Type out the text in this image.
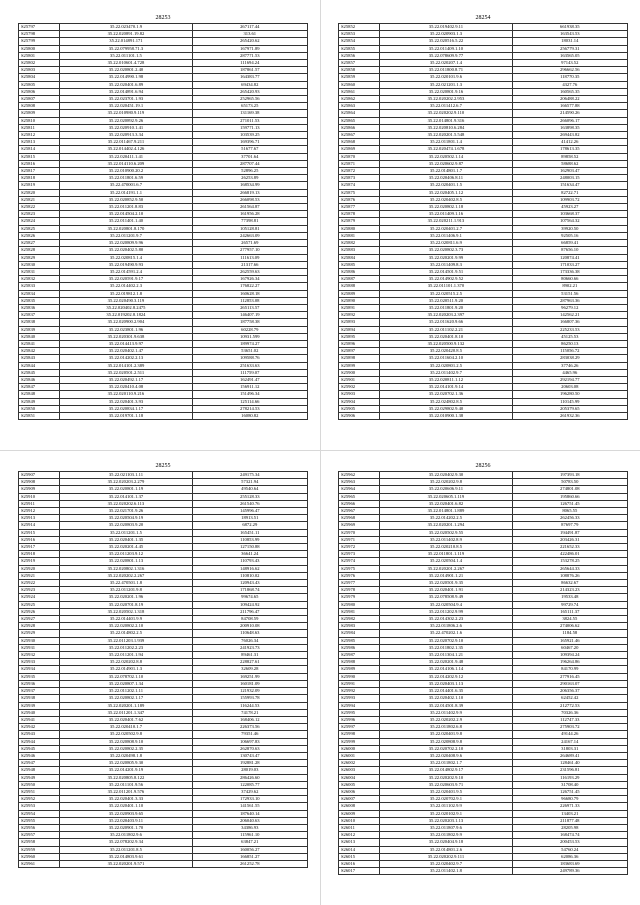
28253
S25797	35.22.023470.1.9	267117.44
S25798	35.22.020891.19.82	313.61
S25799	35.22.014891.171	265420.62
S25800	35.22.079958.71.3	167971.89
S25801	35.22.011101.1.5	287771.53
S25802	35.22.010601.4.728	111694.24
S25803	35.22.020801.2.40	187861.57
S25804	35.22.014990.1.98	164383.77
S25805	35.22.020401.6.89	69434.82
S25806	35.22.014891.6.94	265420.93
S25807	35.22.023701.1.93	252965.56
S25808	35.22.020451.19.1	65173.25
S25809	35.22.010980.9.119	131169.38
S25810	35.22.020892.9.26	271011.53
S25811	35.22.020910.1.41	159771.13
S25812	35.22.020913.3.34	103539.25
S25813	35.22.011467.9.211	169396.71
S25814	35.22.014402.4.126	51677.67
S25815	35.22.020411.1.41	37701.64
S25816	35.22.014110.6.209	287707.44
S25817	35.22.010900.20.2	52896.25
S25818	35.22.011801.6.59	26253.89
S25819	35.22.470001.6.7	168534.99
S25820	35.22.014191.1.1	266819.13
S25821	35.22.020852.9.50	266098.53
S25822	35.22.011201.8.83	261564.87
S25823	35.22.014504.2.10	161956.28
S25824	35.22.011401.1.40	77398.81
S25825	35.22.020801.8.170	105128.81
S25826	35.22.011201.9.7	242663.09
S25827	35.22.020809.9.96	26571.69
S25828	35.22.020402.5.80	277957.10
S25829	35.22.020815.1.4	111613.09
S25830	35.22.019490.9.93	21317.66
S25831	35.22.014591.2.4	262559.63
S25832	35.22.020591.9.17	167926.34
S25833	35.22.014402.2.3	176822.27
S25834	35.22.019812.1.8	160628.18
S25835	35.22.020490.3.119	112853.08
S25836	35.22.020402.8.2475	265113.57
S25837	35.22.019202.8.1824	146407.19
S25838	35.22.020900.2.904	187758.38
S25839	35.22.023801.1.96	60228.79
S25840	35.22.020301.9.638	10931.599
S25841	35.22.014413.9.97	189974.27
S25842	35.22.020402.1.47	53651.02
S25843	35.22.014202.2.13	109588.76
S25844	35.22.014101.2.389	251633.63
S25845	35.22.020501.2.511	111759.07
S25846	35.22.020492.1.17	162491.47
S25847	35.22.020410.4.08	156911.12
S25848	35.22.020110.9.216	151496.34
S25849	35.22.020401.3.93	125114.66
S25850	35.22.020834.1.17	278214.53
S25851	35.22.019701.1.18	16080.82
28254
S25852	35.22.019402.9.11	661938.35
S25853	35.22.020903.1.3	163543.53
S25854	35.22.020516.5.22	18031.14
S25855	35.22.011409.1.10	256779.31
S25856	35.22.078609.9.77	163565.05
S25857	35.22.020207.1.4	97143.52
S25858	35.22.011800.8.71	296662.56
S25859	35.22.020101.9.6	118770.35
S25860	35.22.021201.1.3	4327.76
S25861	35.22.020801.9.16	160565.35
S25862	35.22.020202.2.953	206488.22
S25863	35.22.011412.6.7	166577.88
S25864	35.22.020202.9.110	214590.26
S25865	35.22.014801.9.316	266096.17
S25866	35.22.020810.6.284	163898.35
S25867	35.22.020201.5.548	269443.82
S25868	35.22.011801.1.4	41412.26
S25869	35.22.020474.1.678	178613.35
S25870	35.22.020502.1.14	89858.52
S25871	35.22.020602.9.87	58688.62
S25872	35.22.014801.1.7	162903.47
S25873	35.22.020406.8.11	248003.15
S25874	35.22.020401.1.5	151634.47
S25875	35.22.020405.1.12	82722.71
S25876	35.22.020402.8.5	109903.72
S25877	35.22.020802.1.18	45923.27
S25878	35.22.011409.1.16	103668.37
S25879	35.22.020211.1.913	107564.32
S25880	35.22.020401.2.7	39920.50
S25881	35.22.011406.9.1	92505.16
S25882	35.22.020811.6.9	66859.41
S25883	35.22.020802.3.73	87656.10
S25884	35.22.020201.9.99	120874.41
S25885	35.22.011409.8.3	171033.27
S25886	35.22.014501.9.51	173336.38
S25887	35.22.014902.9.52	80660.66
S25888	35.22.011101.1.370	8902.21
S25889	35.22.020515.2.5	53151.56
S25890	35.22.020511.9.20	287963.36
S25891	35.22.011801.9.20	96279.12
S25892	35.22.020203.2.397	142562.21
S25893	35.22.011620.9.66	166807.36
S25894	35.22.011102.2.21	225233.53
S25895	35.22.020401.8.10	45125.53
S25896	35.22.020500.9.132	86250.13
S25897	35.22.020420.8.5	115056.72
S25898	35.22.011604.2.10	283038.29
S25899	35.22.020801.2.5	37746.26
S25900	35.22.011402.9.7	4465.96
S25901	35.22.020811.1.12	292194.77
S25902	35.22.014101.9.14	20603.08
S25903	35.22.020702.1.36	196280.50
S25904	35.22.024802.8.5	110145.99
S25905	35.22.029802.9.40	205379.65
S25906	35.22.010900.1.38	261932.36
28255
S25907	35.22.021103.1.11	249175.34
S25908	35.22.020203.2.279	57321.94
S25909	35.22.020801.1.19	49540.64
S25910	35.22.014101.1.37	255128.33
S25911	35.22.020202.6.113	261540.76
S25912	35.22.021701.9.26	145996.47
S25913	35.22.020504.9.19	18913.51
S25914	35.22.020803.9.20	6872.29
S25915	35.22.011201.1.5	165451.11
S25916	35.22.020401.1.35	110853.99
S25917	35.22.020201.4.45	127150.88
S25918	35.22.011203.9.12	36641.24
S25919	35.22.020801.1.13	110793.43
S25920	35.22.020802.1.316	148916.62
S25921	35.22.020202.2.267	110810.02
S25922	35.22.470501.1.8	120943.43
S25923	35.22.011201.9.8	171868.74
S25924	35.22.020201.1.96	99674.65
S25925	35.22.020701.8.19	109424.92
S25926	35.22.020502.1.318	211796.47
S25927	35.22.014401.9.9	84708.59
S25928	35.22.020802.2.10	200910.08
S25929	35.22.014802.2.5	110648.63
S25930	35.22.011203.1.939	76026.34
S25931	35.22.011202.2.23	241923.73
S25932	35.22.011201.1.94	89461.31
S25933	35.22.020202.8.8	228827.61
S25934	35.22.014901.1.3	32609.28
S25935	35.22.078702.1.10	169251.99
S25936	35.22.020807.1.34	160181.09
S25937	35.22.011202.1.11	121932.09
S25938	35.22.020802.1.17	155993.78
S25939	35.22.020201.1.189	116244.53
S25940	35.22.011201.1.347	74178.21
S25941	35.22.020401.7.62	168406.12
S25942	35.22.020410.1.7	226373.56
S25943	35.22.020502.9.8	79351.46
S25944	35.22.020808.9.10	106697.83
S25945	35.22.020802.2.35	262870.63
S25946	35.22.020498.1.8	130743.47
S25947	35.22.020805.9.30	192881.28
S25948	35.22.014201.9.19	28019.03
S25949	35.22.020805.8.122	286426.60
S25950	35.22.011101.9.56	122085.77
S25951	35.22.011201.9.576	37429.62
S25952	35.22.020401.3.33	172933.10
S25953	35.22.020401.1.10	141561.55
S25954	35.22.020903.9.65	187640.14
S25955	35.22.020403.9.11	206040.63
S25956	35.22.020901.1.70	34386.93
S25957	35.22.011802.9.6	115961.10
S25958	35.22.078202.9.34	63847.21
S25959	35.22.011201.8.5	160056.27
S25960	35.22.014803.9.61	166851.27
S25961	35.22.020201.9.571	261252.78
28256
S25962	35.22.020402.9.30	197393.18
S25963	35.22.020202.9.8	50783.50
S25964	35.22.020606.9.11	274801.08
S25965	35.22.020605.1.119	195860.66
S25966	35.22.020401.6.82	126751.45
S25967	35.22.014801.1.889	8065.55
S25968	35.22.014202.2.5	262456.33
S25969	35.22.020201.1.294	87697.79
S25970	35.22.020502.9.55	194491.87
S25971	35.22.011402.8.9	203426.31
S25972	35.22.020210.8.5	221652.33
S25973	35.22.011801.1.119	422486.01
S25974	35.22.020504.1.4	153278.25
S25975	35.22.020201.2.267	265644.33
S25976	35.22.014901.1.21	108876.26
S25977	35.22.020501.9.35	86632.67
S25978	35.22.020401.1.91	214323.23
S25979	35.22.078508.9.49	19533.48
S25980	35.22.020504.9.4	99729.74
S25981	35.22.011202.9.99	165111.37
S25982	35.22.014302.2.23	3824.55
S25983	35.22.011806.2.6	274006.62
S25984	35.22.470202.1.6	1184.58
S25985	35.22.020702.9.10	165921.46
S25986	35.22.011802.1.35	60467.20
S25987	35.22.011304.1.21	109394.24
S25988	35.22.020201.9.48	196264.86
S25989	35.22.014106.1.14	84170.99
S25990	35.22.014202.9.12	277916.45
S25991	35.22.020403.1.13	290163.07
S25992	35.22.014401.6.35	206356.37
S25993	35.22.020402.1.10	62452.42
S25994	35.22.014501.8.39	212772.53
S25995	35.22.011402.9.9	70326.36
S25996	35.22.020202.2.9	112747.33
S25997	35.22.011802.6.8	275903.72
S25998	35.22.020401.9.8	49144.26
S25999	35.22.020808.9.8	24167.14
S26000	35.22.020702.2.10	31803.31
S26001	35.22.020408.9.6	264689.41
S26002	35.22.011802.1.7	128461.40
S26003	35.22.014802.9.17	231596.81
S26004	35.22.020202.9.10	116193.29
S26005	35.22.020603.9.71	31708.40
S26006	35.22.020401.9.5	126751.45
S26007	35.22.020702.9.1	96680.79
S26008	35.22.011102.9.9	226971.33
S26009	35.22.020102.9.1	13403.21
S26010	35.22.020203.1.13	211877.48
S26011	35.22.011807.9.6	28205.98
S26012	35.22.011802.9.9	168474.74
S26013	35.22.020404.9.18	200453.53
S26014	35.22.014801.2.6	54760.24
S26015	35.22.020202.9.111	62086.36
S26016	35.22.020402.9.7	183683.69
S26017	35.22.011402.1.8	249789.36
